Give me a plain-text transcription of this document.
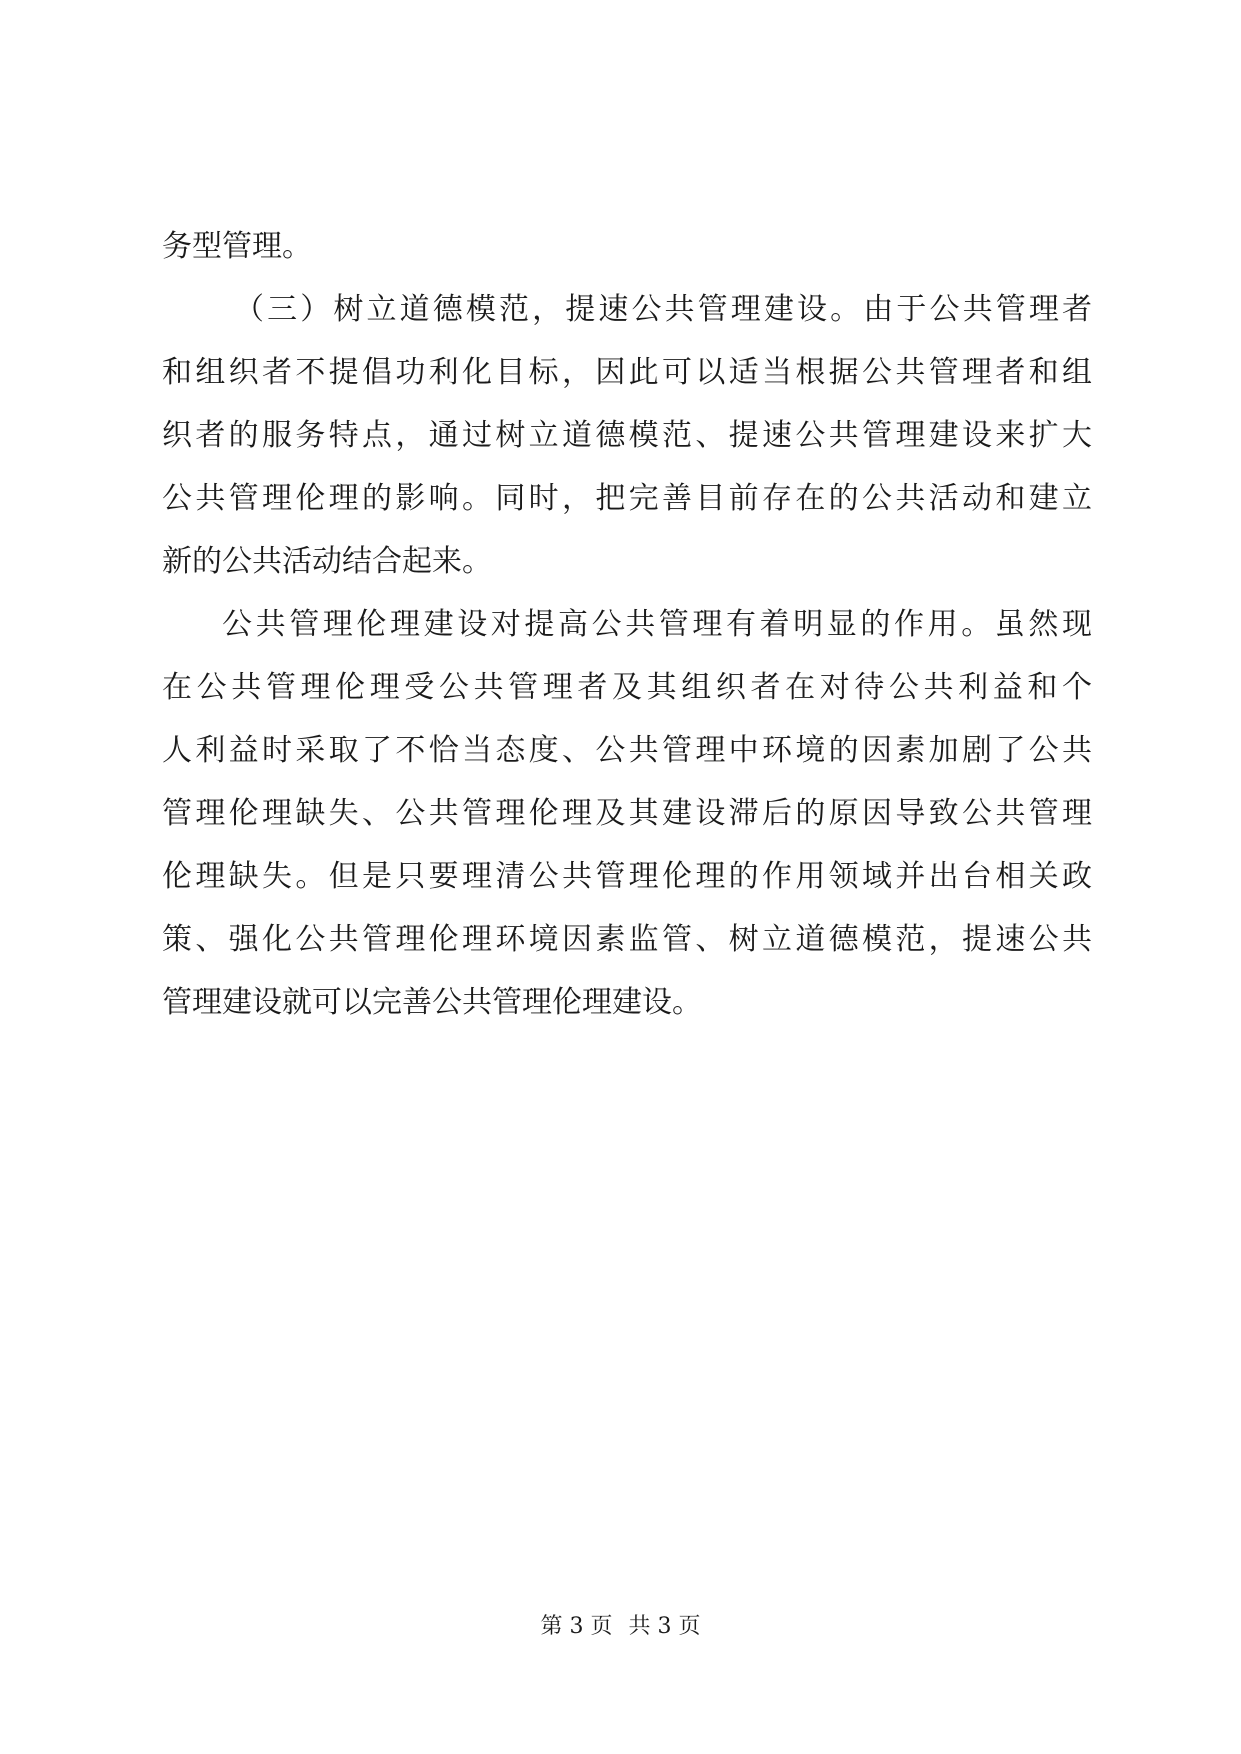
务型管理。
（三）树立道德模范，提速公共管理建设。由于公共管理者
和组织者不提倡功利化目标，因此可以适当根据公共管理者和组
织者的服务特点，通过树立道德模范、提速公共管理建设来扩大
公共管理伦理的影响。同时，把完善目前存在的公共活动和建立
新的公共活动结合起来。
公共管理伦理建设对提高公共管理有着明显的作用。虽然现
在公共管理伦理受公共管理者及其组织者在对待公共利益和个
人利益时采取了不恰当态度、公共管理中环境的因素加剧了公共
管理伦理缺失、公共管理伦理及其建设滞后的原因导致公共管理
伦理缺失。但是只要理清公共管理伦理的作用领域并出台相关政
策、强化公共管理伦理环境因素监管、树立道德模范，提速公共
管理建设就可以完善公共管理伦理建设。
第 3 页 共 3 页
